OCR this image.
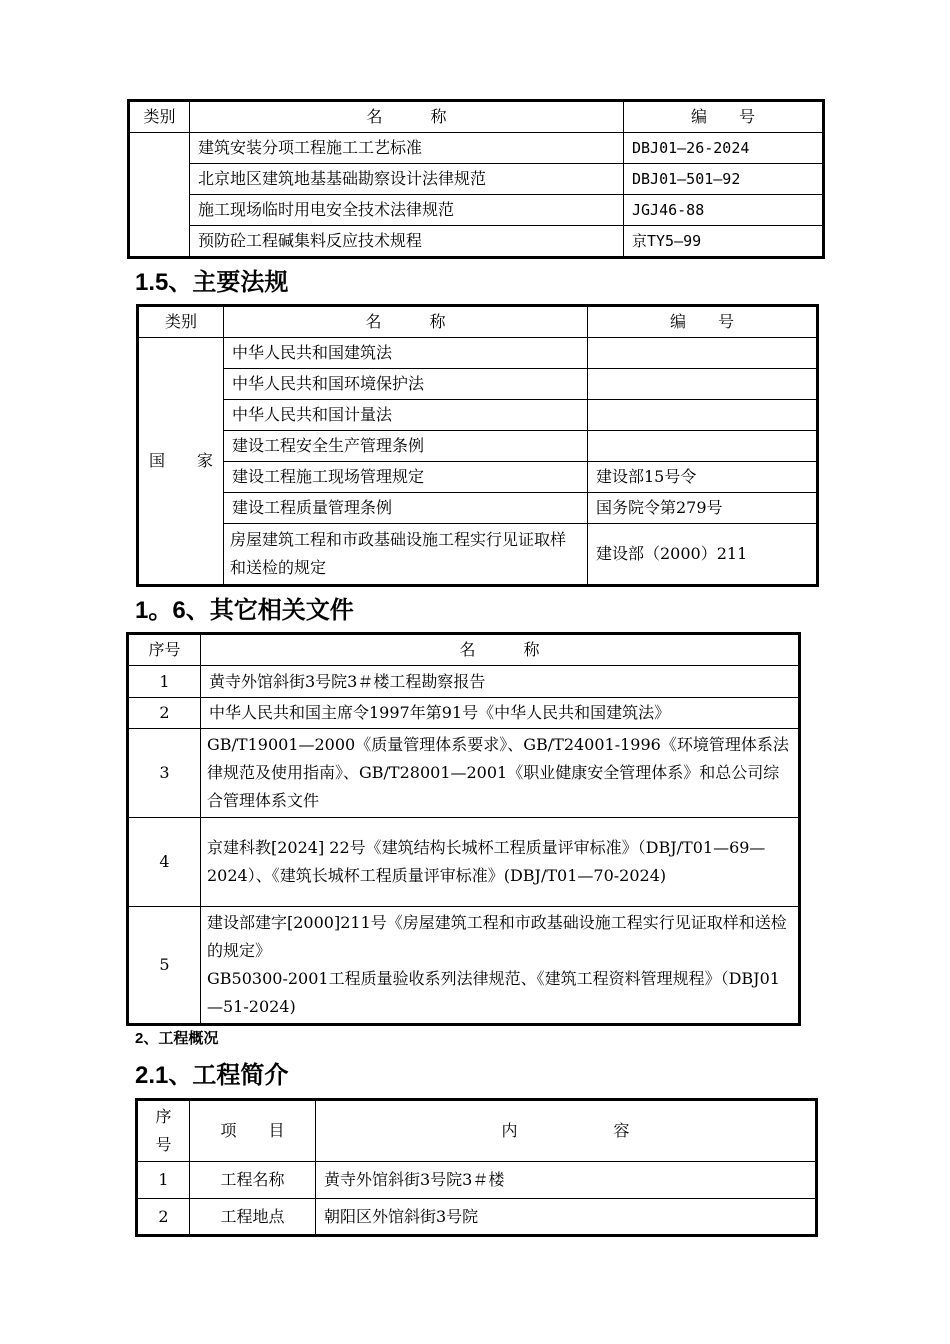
类别	名　　　称	编　　号
	建筑安装分项工程施工工艺标准	DBJ01—26-2024
	北京地区建筑地基基础勘察设计法律规范	DBJ01—501—92
	施工现场临时用电安全技术法律规范	JGJ46-88
	预防砼工程碱集料反应技术规程	京TY5—99
1.5、主要法规
类别	名　　　称	编　　号
国　　家	中华人民共和国建筑法	
	中华人民共和国环境保护法	
	中华人民共和国计量法	
	建设工程安全生产管理条例	
	建设工程施工现场管理规定	建设部15号令
	建设工程质量管理条例	国务院令第279号
	房屋建筑工程和市政基础设施工程实行见证取样和送检的规定	建设部（2000）211
1。6、其它相关文件
序号	名　　　称
1	黄寺外馆斜街3号院3＃楼工程勘察报告
2	中华人民共和国主席令1997年第91号《中华人民共和国建筑法》
3	GB/T19001—2000《质量管理体系要求》、GB/T24001-1996《环境管理体系法律规范及使用指南》、GB/T28001—2001《职业健康安全管理体系》和总公司综合管理体系文件
4	京建科教[2024] 22号《建筑结构长城杯工程质量评审标准》（DBJ/T01—69—2024）、《建筑长城杯工程质量评审标准》(DBJ/T01—70-2024)
5	建设部建字[2000]211号《房屋建筑工程和市政基础设施工程实行见证取样和送检的规定》
GB50300-2001工程质量验收系列法律规范、《建筑工程资料管理规程》（DBJ01—51-2024)
2、工程概况
2.1、工程简介
序号	项　　目	内　　　　　　容
1	工程名称	黄寺外馆斜街3号院3＃楼
2	工程地点	朝阳区外馆斜街3号院
